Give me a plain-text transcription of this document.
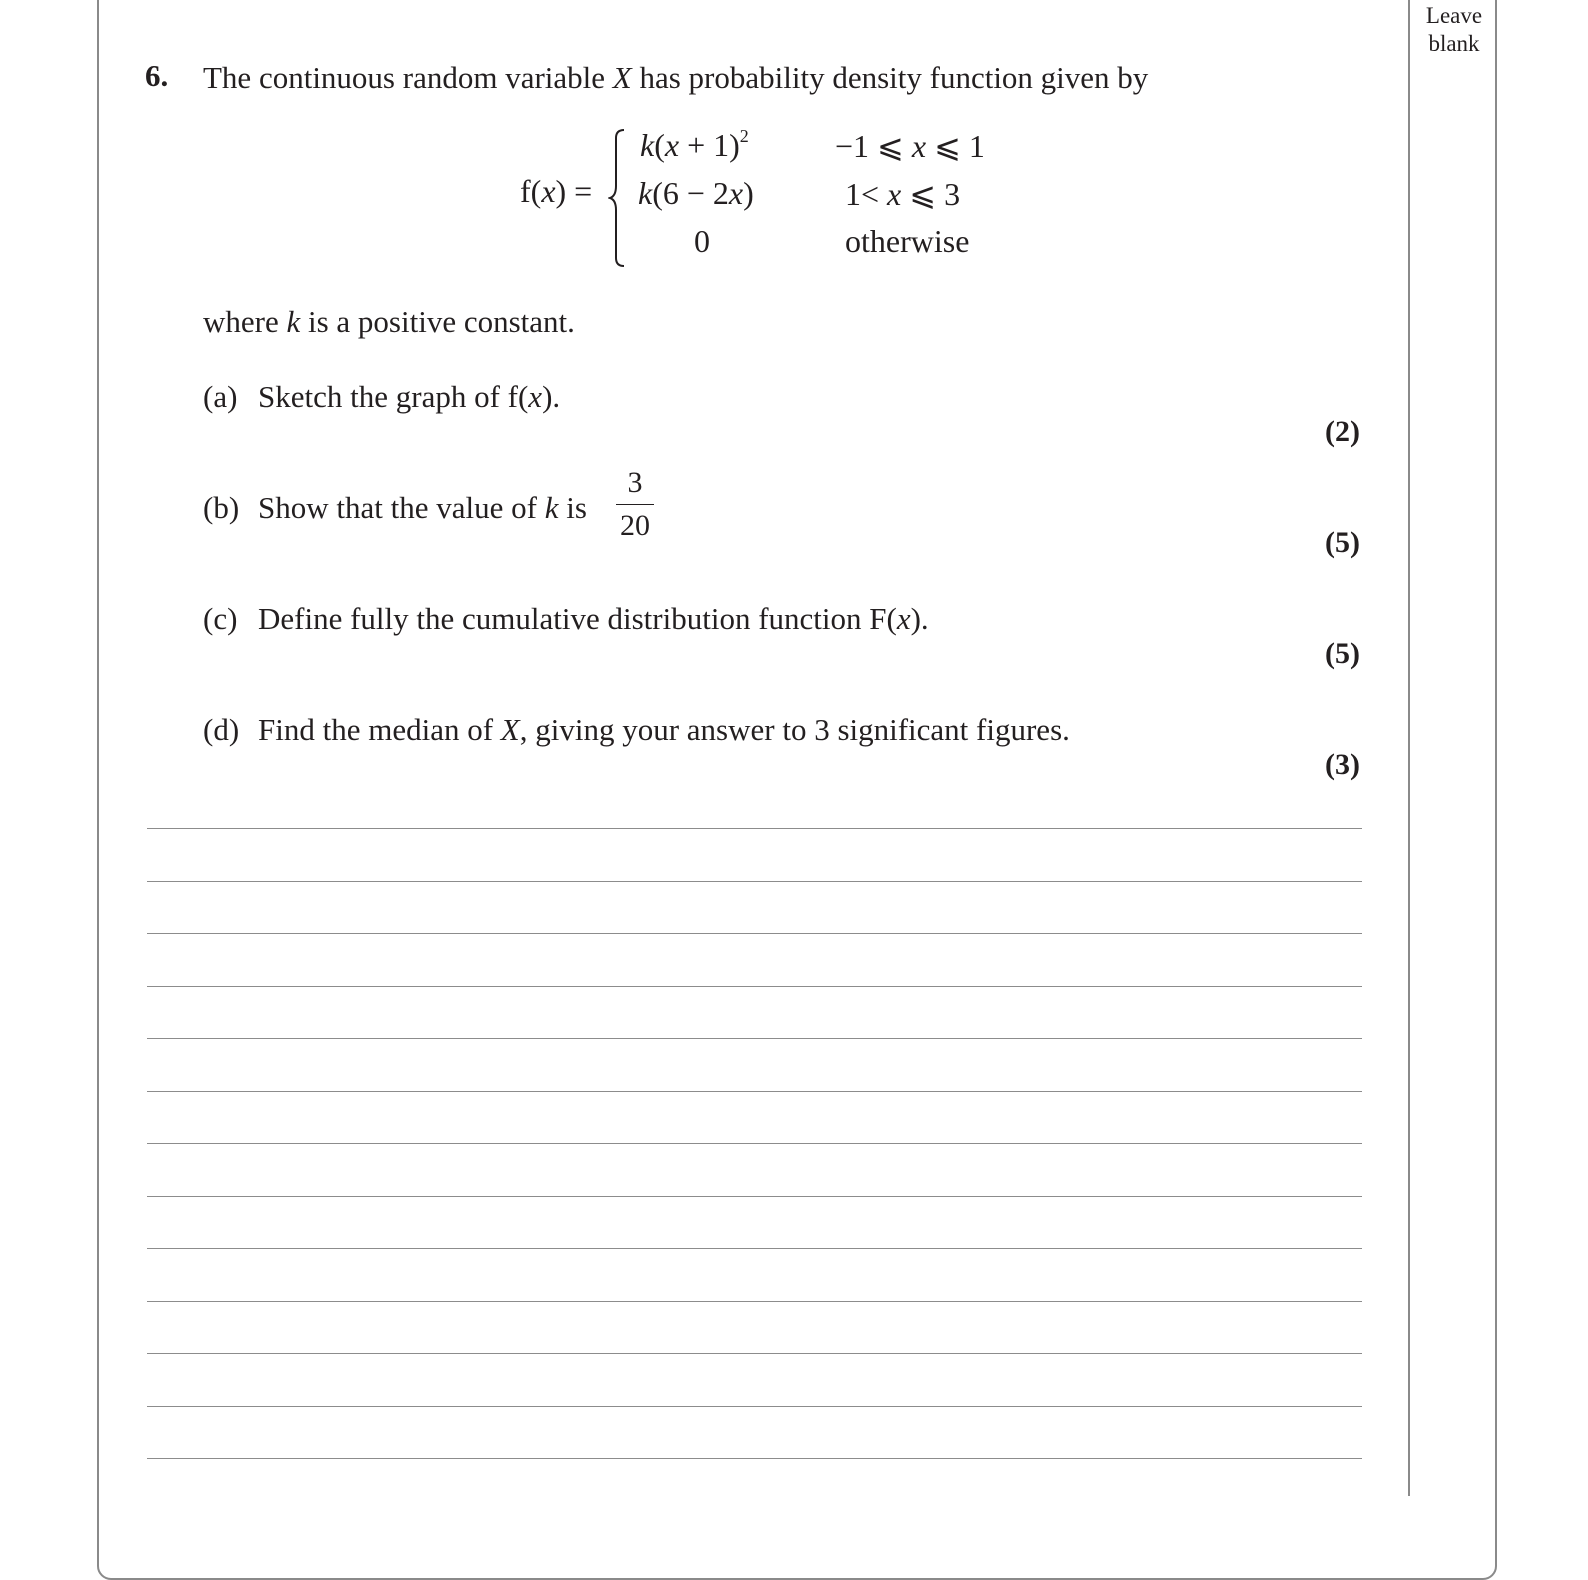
Leave
blank
6. The continuous random variable X has probability density function given by
f(x) =
$k(x + 1)^2$
k(6 − 2x)
0
−1 ⩽ x ⩽ 1
1< x ⩽ 3
otherwise
where k is a positive constant.
(a) Sketch the graph of f(x).
(2)
(b) Show that the value of k is
3
20
(5)
(c) Define fully the cumulative distribution function F(x).
(5)
(d) Find the median of X, giving your answer to 3 significant figures.
(3)
